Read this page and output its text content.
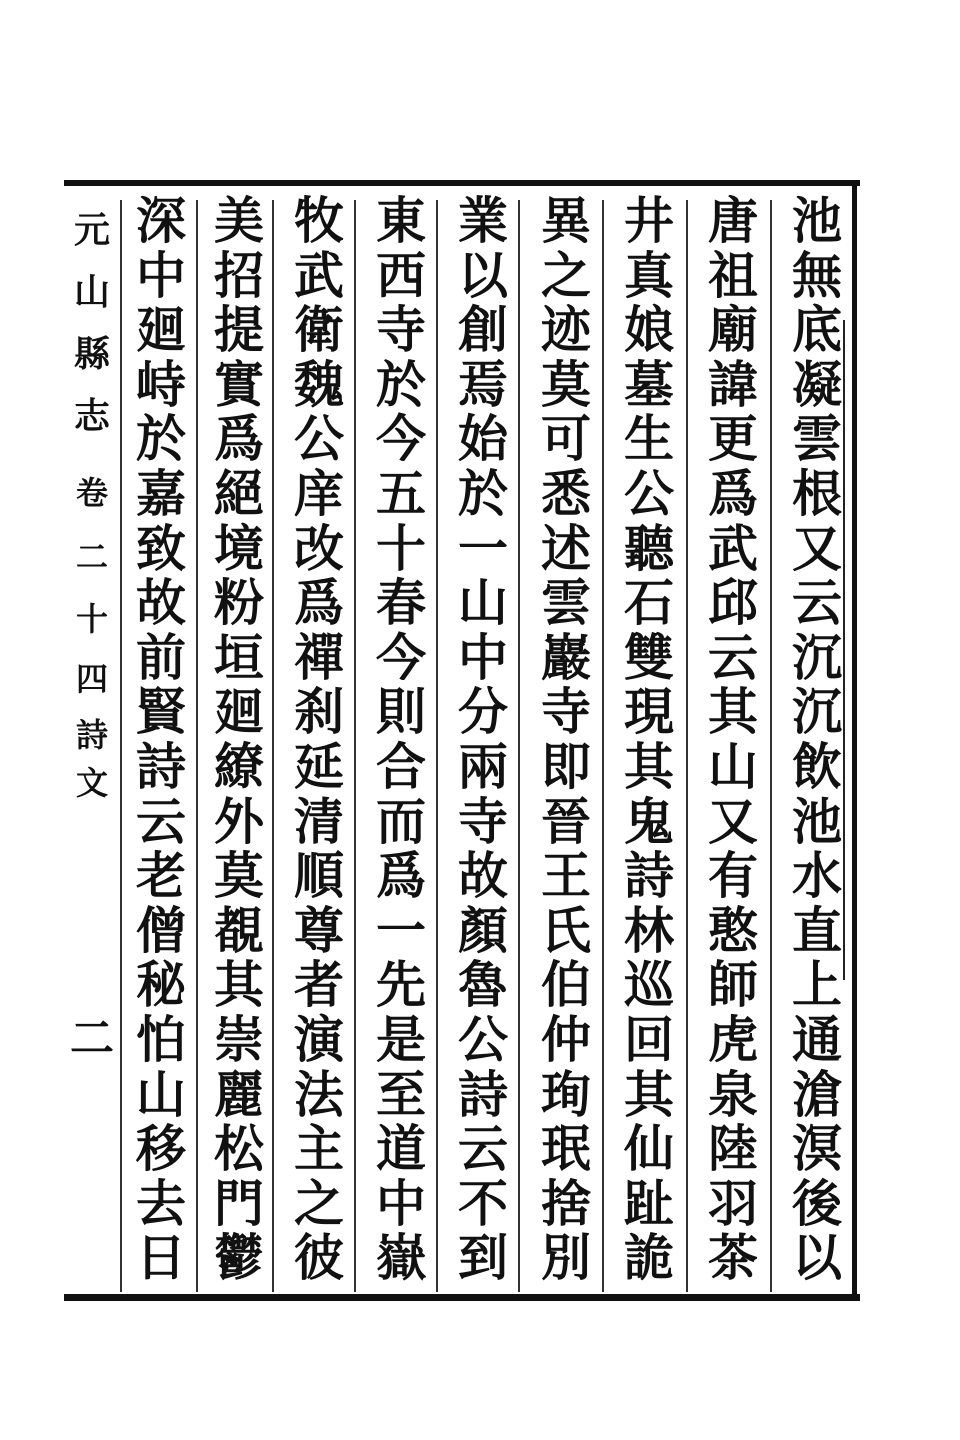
池
無
底
凝
雲
根
又
云
沉
沉
飲
池
水
直
上
通
滄
溟
後
以
唐
祖
廟
諱
更
爲
武
邱
云
其
山
又
有
憨
師
虎
泉
陸
羽
茶
井
真
娘
墓
生
公
聽
石
雙
現
其
鬼
詩
林
巡
回
其
仙
趾
詭
異
之
迹
莫
可
悉
述
雲
巖
寺
即
晉
王
氏
伯
仲
珣
珉
捨
別
業
以
創
焉
始
於
一
山
中
分
兩
寺
故
顏
魯
公
詩
云
不
到
東
西
寺
於
今
五
十
春
今
則
合
而
爲
一
先
是
至
道
中
嶽
牧
武
衛
魏
公
庠
改
爲
禪
刹
延
清
順
尊
者
演
法
主
之
彼
美
招
提
實
爲
絕
境
粉
垣
廻
繚
外
莫
覩
其
崇
麗
松
門
鬱
深
中
廻
峙
於
嘉
致
故
前
賢
詩
云
老
僧
秘
怕
山
移
去
日
元
山
縣
志
卷
二
十
四
詩
文
二
